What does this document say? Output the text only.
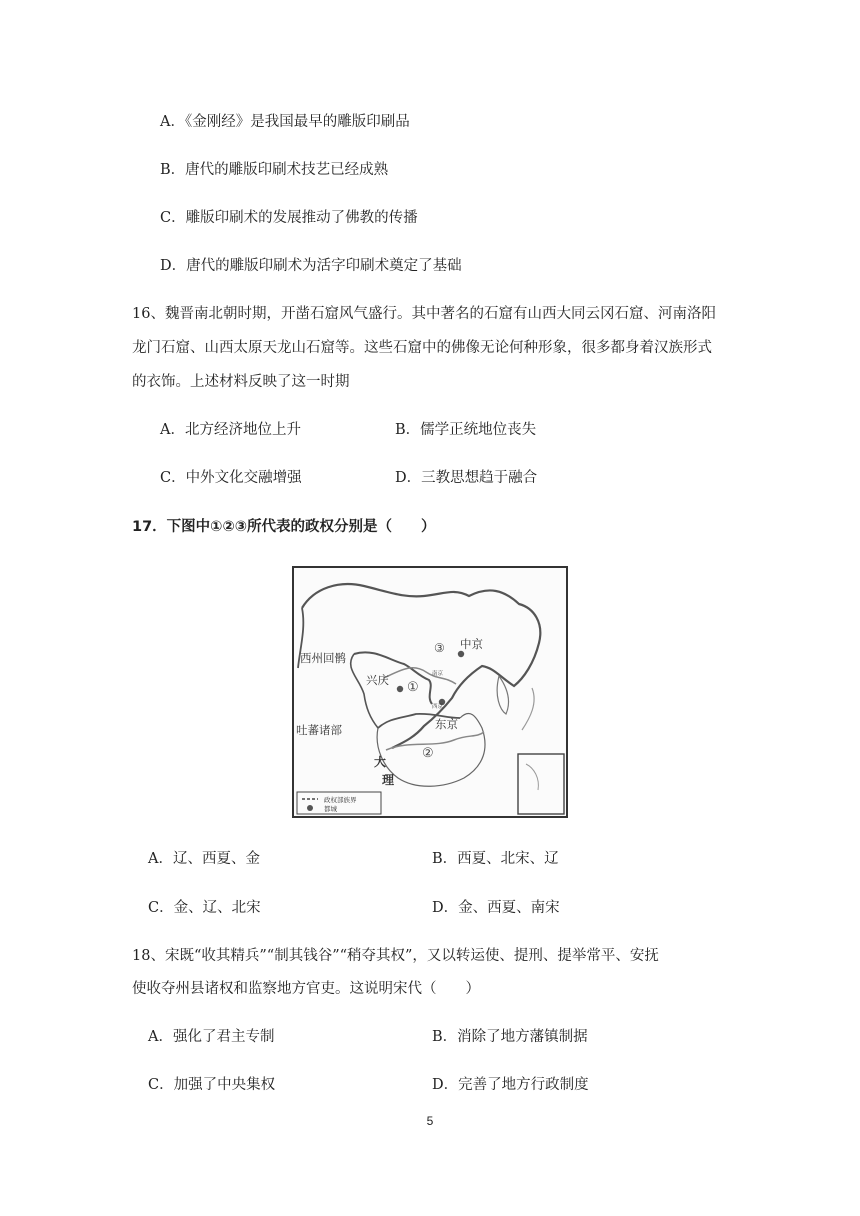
A．《金刚经》是我国最早的雕版印刷品
B．唐代的雕版印刷术技艺已经成熟
C．雕版印刷术的发展推动了佛教的传播
D．唐代的雕版印刷术为活字印刷术奠定了基础
16、魏晋南北朝时期，开凿石窟风气盛行。其中著名的石窟有山西大同云冈石窟、河南洛阳
龙门石窟、山西太原天龙山石窟等。这些石窟中的佛像无论何种形象，很多都身着汉族形式
的衣饰。上述材料反映了这一时期
A．北方经济地位上升	B．儒学正统地位丧失
C．中外文化交融增强	D．三教思想趋于融合
17．下图中①②③所代表的政权分别是（　　）
政权部族界
都城
③ 中京
西州回鹘
兴庆 ①
南京
西京
吐蕃诸部	东京
②
大
理
A．辽、西夏、金	B．西夏、北宋、辽
C．金、辽、北宋	D．金、西夏、南宋
18、宋既“收其精兵”“制其钱谷”“稍夺其权”，又以转运使、提刑、提举常平、安抚
使收夺州县诸权和监察地方官吏。这说明宋代（　　）
A．强化了君主专制	B．消除了地方藩镇制据
C．加强了中央集权	D．完善了地方行政制度
5
